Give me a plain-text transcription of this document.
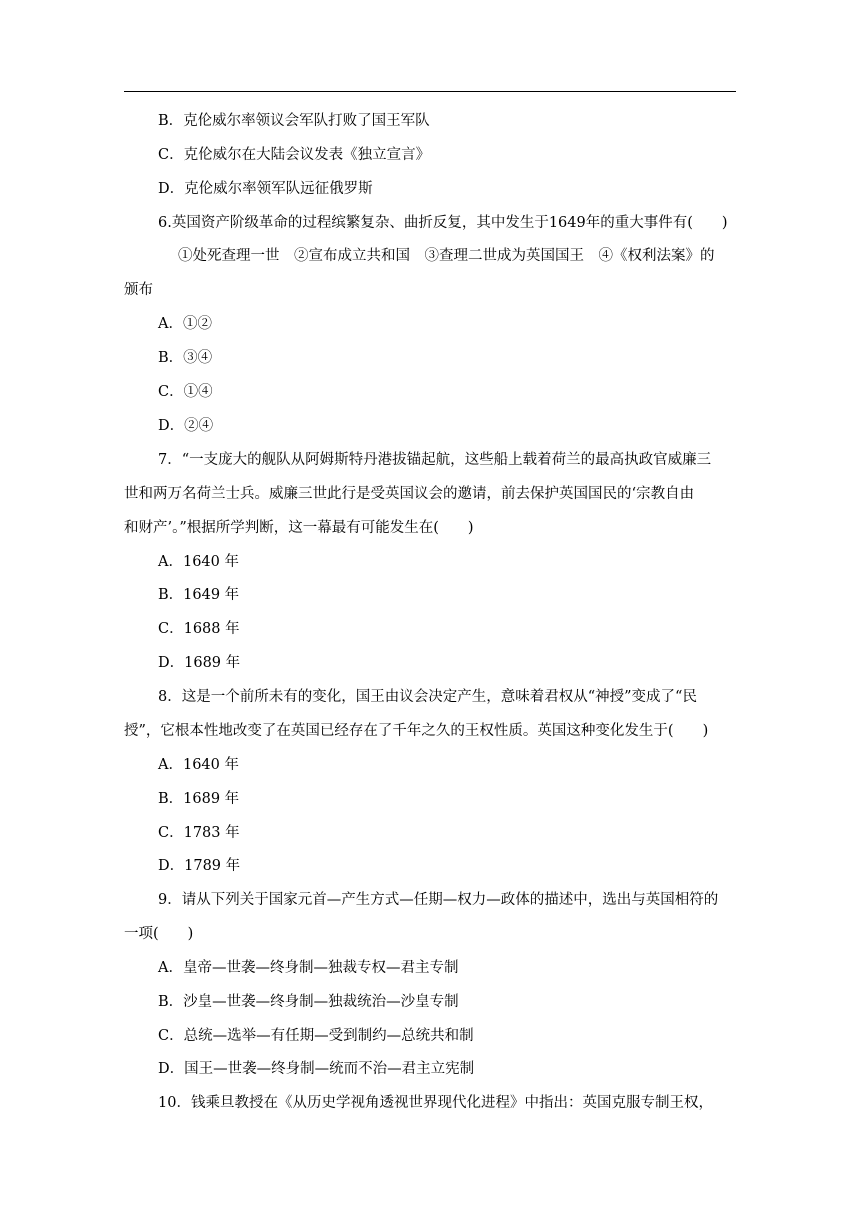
B．克伦威尔率领议会军队打败了国王军队
C．克伦威尔在大陆会议发表《独立宣言》
D．克伦威尔率领军队远征俄罗斯
6.英国资产阶级革命的过程缤繁复杂、曲折反复，其中发生于1649年的重大事件有(　　)
①处死查理一世　②宣布成立共和国　③查理二世成为英国国王　④《权利法案》的
颁布
A．①②
B．③④
C．①④
D．②④
7．“一支庞大的舰队从阿姆斯特丹港拔锚起航，这些船上载着荷兰的最高执政官威廉三
世和两万名荷兰士兵。威廉三世此行是受英国议会的邀请，前去保护英国国民的‘宗教自由
和财产’。”根据所学判断，这一幕最有可能发生在(　　)
A．1640 年
B．1649 年
C．1688 年
D．1689 年
8．这是一个前所未有的变化，国王由议会决定产生，意味着君权从“神授”变成了“民
授”，它根本性地改变了在英国已经存在了千年之久的王权性质。英国这种变化发生于(　　)
A．1640 年
B．1689 年
C．1783 年
D．1789 年
9．请从下列关于国家元首—产生方式—任期—权力—政体的描述中，选出与英国相符的
一项(　　)
A．皇帝—世袭—终身制—独裁专权—君主专制
B．沙皇—世袭—终身制—独裁统治—沙皇专制
C．总统—选举—有任期—受到制约—总统共和制
D．国王—世袭—终身制—统而不治—君主立宪制
10．钱乘旦教授在《从历史学视角透视世界现代化进程》中指出：英国克服专制王权，
